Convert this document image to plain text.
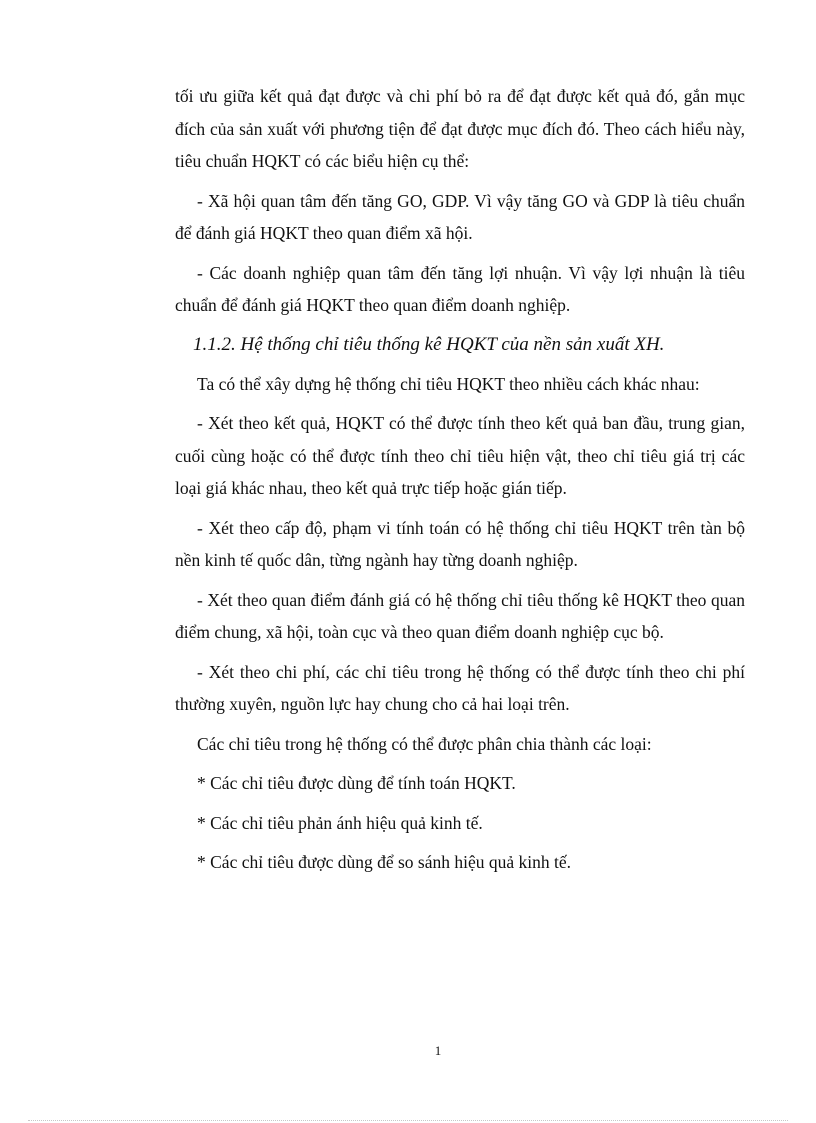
tối ưu giữa kết quả đạt được và chi phí bỏ ra để đạt được kết quả đó, gắn mục đích của sản xuất với phương tiện để đạt được mục đích đó. Theo cách hiểu này, tiêu chuẩn HQKT có các biểu hiện cụ thể:

- Xã hội quan tâm đến tăng GO, GDP. Vì vậy tăng GO và GDP là tiêu chuẩn để đánh giá HQKT theo quan điểm xã hội.

- Các doanh nghiệp quan tâm đến tăng lợi nhuận. Vì vậy lợi nhuận là tiêu chuẩn để đánh giá HQKT theo quan điểm doanh nghiệp.

1.1.2. Hệ thống chỉ tiêu thống kê HQKT của nền sản xuất XH.

Ta có thể xây dựng hệ thống chỉ tiêu HQKT theo nhiều cách khác nhau:

- Xét theo kết quả, HQKT có thể được tính theo kết quả ban đầu, trung gian, cuối cùng hoặc có thể được tính theo chỉ tiêu hiện vật, theo chỉ tiêu giá trị các loại giá khác nhau, theo kết quả trực tiếp hoặc gián tiếp.

- Xét theo cấp độ, phạm vi tính toán có hệ thống chỉ tiêu HQKT trên tàn bộ nền kinh tế quốc dân, từng ngành hay từng doanh nghiệp.

- Xét theo quan điểm đánh giá có hệ thống chỉ tiêu thống kê HQKT theo quan điểm chung, xã hội, toàn cục và theo quan điểm doanh nghiệp cục bộ.

- Xét theo chi phí, các chỉ tiêu trong hệ thống có thể được tính theo chi phí thường xuyên, nguồn lực hay chung cho cả hai loại trên.

Các chỉ tiêu trong hệ thống có thể được phân chia thành các loại:

* Các chỉ tiêu được dùng để tính toán HQKT.

* Các chỉ tiêu phản ánh hiệu quả kinh tế.

* Các chỉ tiêu được dùng để so sánh hiệu quả kinh tế.

1
